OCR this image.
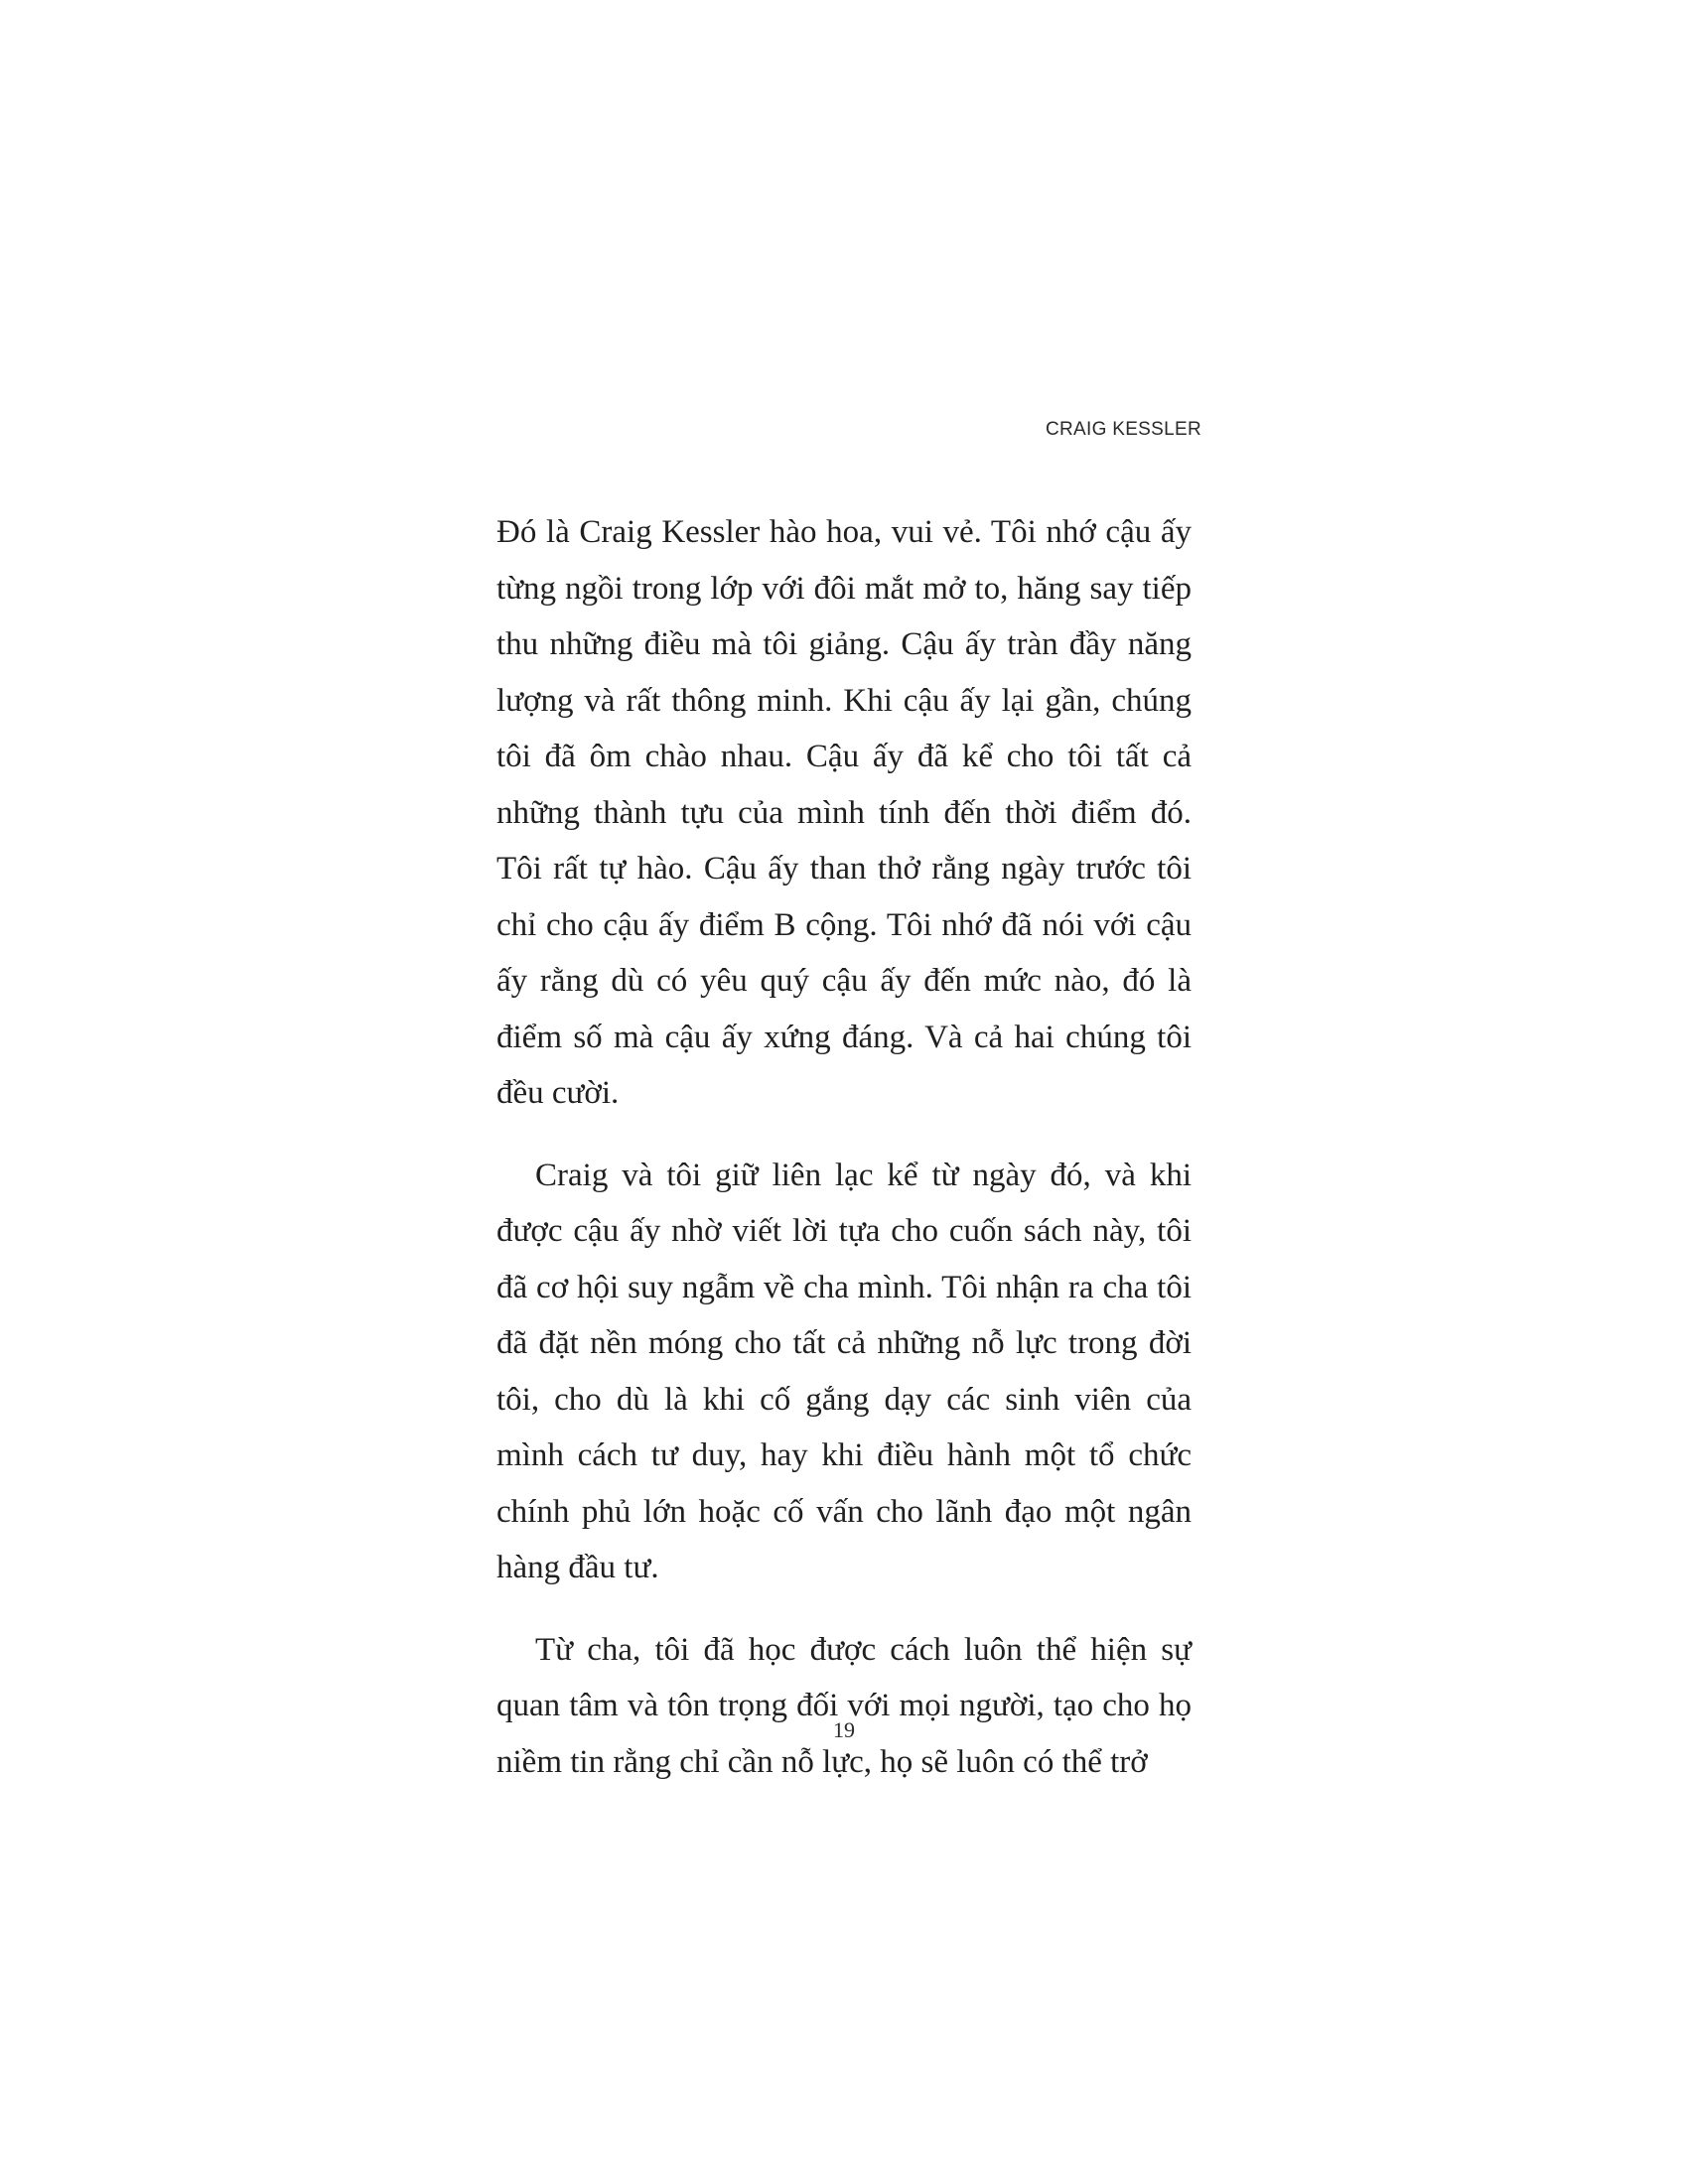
CRAIG KESSLER

Đó là Craig Kessler hào hoa, vui vẻ. Tôi nhớ cậu ấy từng ngồi trong lớp với đôi mắt mở to, hăng say tiếp thu những điều mà tôi giảng. Cậu ấy tràn đầy năng lượng và rất thông minh. Khi cậu ấy lại gần, chúng tôi đã ôm chào nhau. Cậu ấy đã kể cho tôi tất cả những thành tựu của mình tính đến thời điểm đó. Tôi rất tự hào. Cậu ấy than thở rằng ngày trước tôi chỉ cho cậu ấy điểm B cộng. Tôi nhớ đã nói với cậu ấy rằng dù có yêu quý cậu ấy đến mức nào, đó là điểm số mà cậu ấy xứng đáng. Và cả hai chúng tôi đều cười.

Craig và tôi giữ liên lạc kể từ ngày đó, và khi được cậu ấy nhờ viết lời tựa cho cuốn sách này, tôi đã cơ hội suy ngẫm về cha mình. Tôi nhận ra cha tôi đã đặt nền móng cho tất cả những nỗ lực trong đời tôi, cho dù là khi cố gắng dạy các sinh viên của mình cách tư duy, hay khi điều hành một tổ chức chính phủ lớn hoặc cố vấn cho lãnh đạo một ngân hàng đầu tư.

Từ cha, tôi đã học được cách luôn thể hiện sự quan tâm và tôn trọng đối với mọi người, tạo cho họ niềm tin rằng chỉ cần nỗ lực, họ sẽ luôn có thể trở

19
